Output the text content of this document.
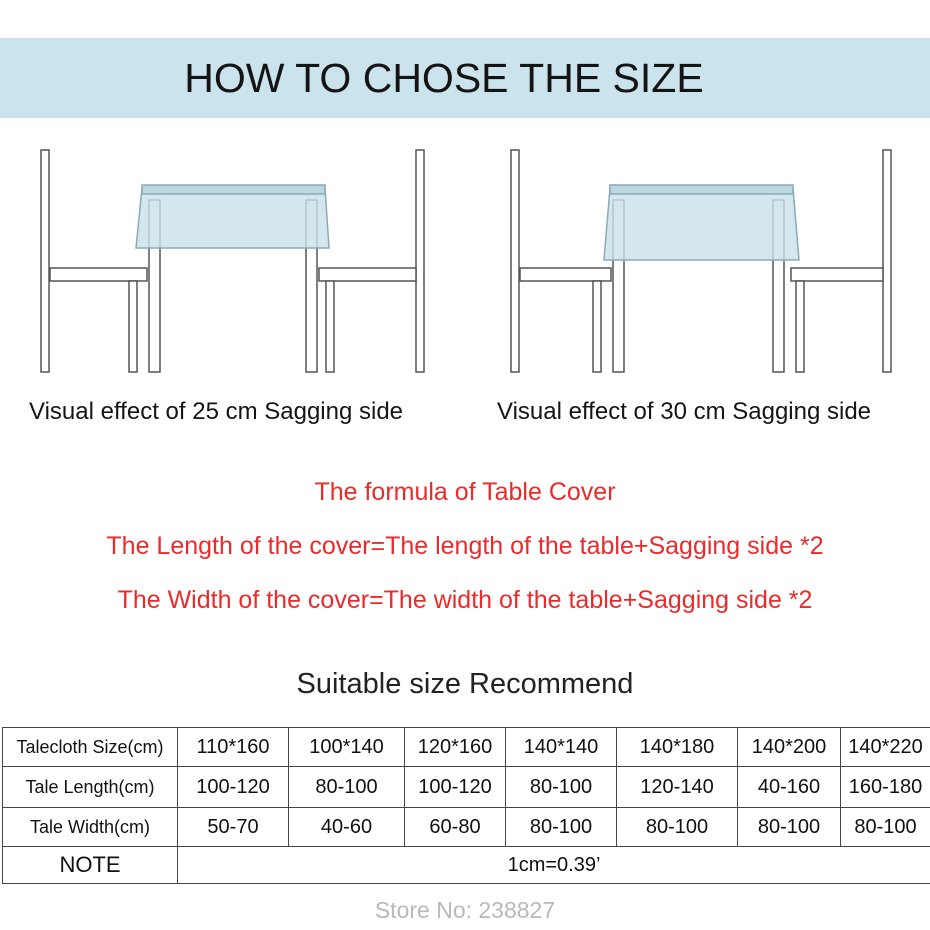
HOW TO CHOSE THE SIZE
Visual effect of 25 cm Sagging side	Visual effect of 30 cm Sagging side
The formula of Table Cover
The Length of the cover=The length of the table+Sagging side *2
The Width of the cover=The width of the table+Sagging side *2
Suitable size Recommend
Talecloth Size(cm)	110*160	100*140	120*160	140*140	140*180	140*200	140*220
Tale Length(cm)	100-120	80-100	100-120	80-100	120-140	40-160	160-180
Tale Width(cm)	50-70	40-60	60-80	80-100	80-100	80-100	80-100
NOTE	1cm=0.39’						
Store No: 238827
